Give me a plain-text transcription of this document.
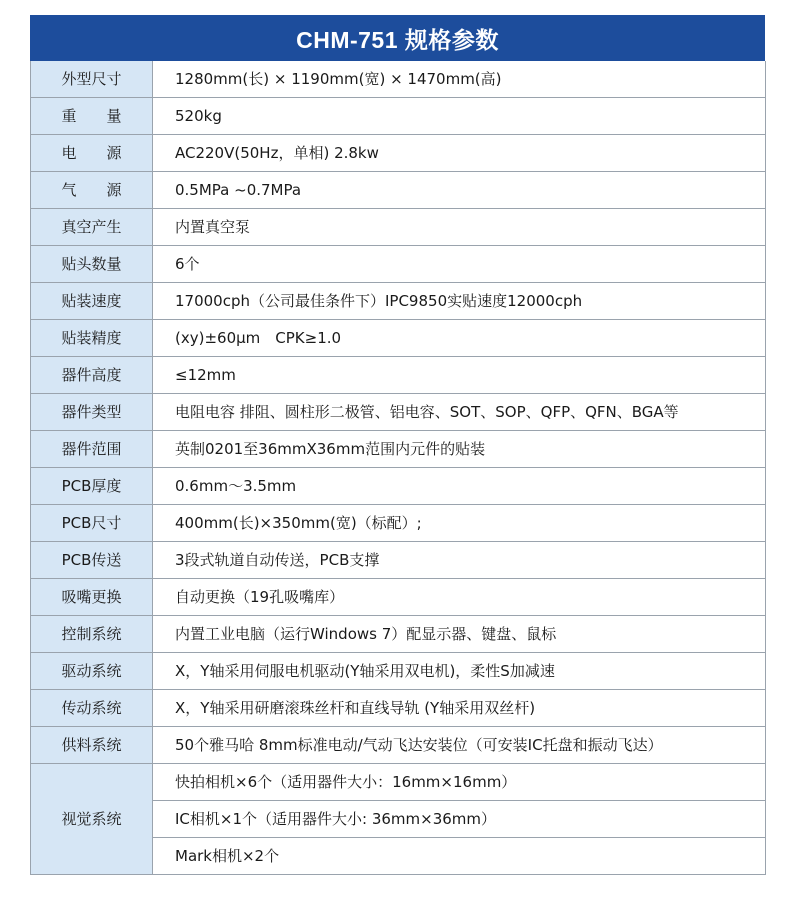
CHM-751 规格参数
外型尺寸	1280mm(长) × 1190mm(宽) × 1470mm(高)
重　　量	520kg
电　　源	AC220V(50Hz，单相) 2.8kw
气　　源	0.5MPa ~0.7MPa
真空产生	内置真空泵
贴头数量	6个
贴装速度	17000cph（公司最佳条件下）IPC9850实贴速度12000cph
贴装精度	(xy)±60μm　CPK≥1.0
器件高度	≤12mm
器件类型	电阻电容 排阻、圆柱形二极管、铝电容、SOT、SOP、QFP、QFN、BGA等
器件范围	英制0201至36mmX36mm范围内元件的贴装
PCB厚度	0.6mm～3.5mm
PCB尺寸	400mm(长)×350mm(宽)（标配）;
PCB传送	3段式轨道自动传送，PCB支撑
吸嘴更换	自动更换（19孔吸嘴库）
控制系统	内置工业电脑（运行Windows 7）配显示器、键盘、鼠标
驱动系统	X，Y轴采用伺服电机驱动(Y轴采用双电机)，柔性S加减速
传动系统	X，Y轴采用研磨滚珠丝杆和直线导轨 (Y轴采用双丝杆)
供料系统	50个雅马哈 8mm标准电动/气动飞达安装位（可安装IC托盘和振动飞达）
视觉系统	快拍相机×6个（适用器件大小：16mm×16mm）
	IC相机×1个（适用器件大小: 36mm×36mm）
	Mark相机×2个
